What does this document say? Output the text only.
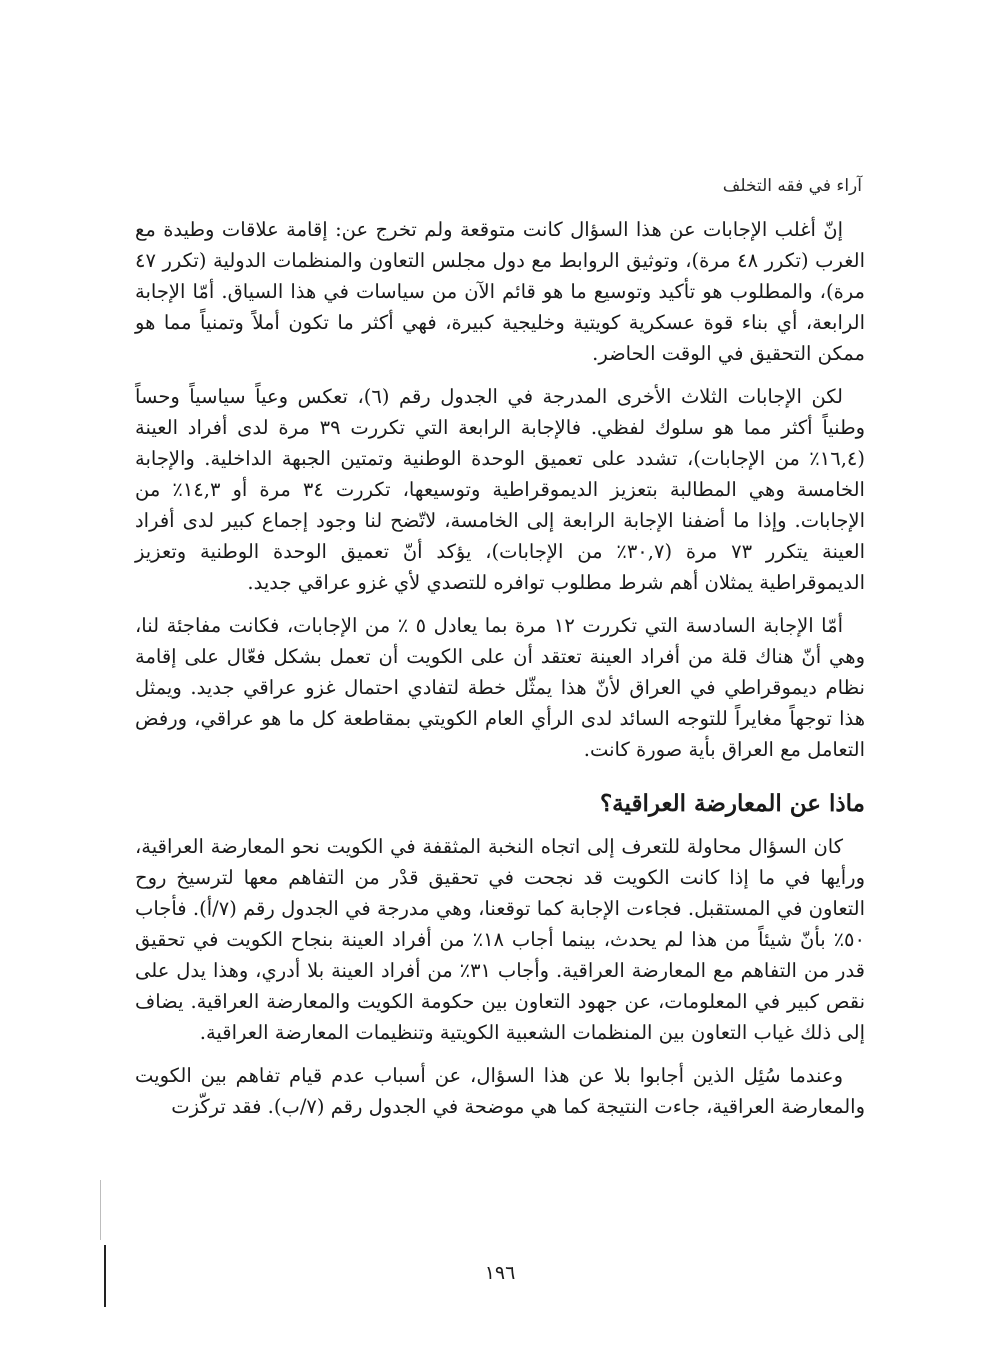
آراء في فقه التخلف

إنّ أغلب الإجابات عن هذا السؤال كانت متوقعة ولم تخرج عن: إقامة علاقات وطيدة مع الغرب (تكرر ٤٨ مرة)، وتوثيق الروابط مع دول مجلس التعاون والمنظمات الدولية (تكرر ٤٧ مرة)، والمطلوب هو تأكيد وتوسيع ما هو قائم الآن من سياسات في هذا السياق. أمّا الإجابة الرابعة، أي بناء قوة عسكرية كويتية وخليجية كبيرة، فهي أكثر ما تكون أملاً وتمنياً مما هو ممكن التحقيق في الوقت الحاضر.

لكن الإجابات الثلاث الأخرى المدرجة في الجدول رقم (٦)، تعكس وعياً سياسياً وحساً وطنياً أكثر مما هو سلوك لفظي. فالإجابة الرابعة التي تكررت ٣٩ مرة لدى أفراد العينة (١٦,٤٪ من الإجابات)، تشدد على تعميق الوحدة الوطنية وتمتين الجبهة الداخلية. والإجابة الخامسة وهي المطالبة بتعزيز الديموقراطية وتوسيعها، تكررت ٣٤ مرة أو ١٤,٣٪ من الإجابات. وإذا ما أضفنا الإجابة الرابعة إلى الخامسة، لاتّضح لنا وجود إجماع كبير لدى أفراد العينة يتكرر ٧٣ مرة (٣٠,٧٪ من الإجابات)، يؤكد أنّ تعميق الوحدة الوطنية وتعزيز الديموقراطية يمثلان أهم شرط مطلوب توافره للتصدي لأي غزو عراقي جديد.

أمّا الإجابة السادسة التي تكررت ١٢ مرة بما يعادل ٥ ٪ من الإجابات، فكانت مفاجئة لنا، وهي أنّ هناك قلة من أفراد العينة تعتقد أن على الكويت أن تعمل بشكل فعّال على إقامة نظام ديموقراطي في العراق لأنّ هذا يمثّل خطة لتفادي احتمال غزو عراقي جديد. ويمثل هذا توجهاً مغايراً للتوجه السائد لدى الرأي العام الكويتي بمقاطعة كل ما هو عراقي، ورفض التعامل مع العراق بأية صورة كانت.

ماذا عن المعارضة العراقية؟

كان السؤال محاولة للتعرف إلى اتجاه النخبة المثقفة في الكويت نحو المعارضة العراقية، ورأيها في ما إذا كانت الكويت قد نجحت في تحقيق قدْر من التفاهم معها لترسيخ روح التعاون في المستقبل. فجاءت الإجابة كما توقعنا، وهي مدرجة في الجدول رقم (٧/أ). فأجاب ٥٠٪ بأنّ شيئاً من هذا لم يحدث، بينما أجاب ١٨٪ من أفراد العينة بنجاح الكويت في تحقيق قدر من التفاهم مع المعارضة العراقية. وأجاب ٣١٪ من أفراد العينة بلا أدري، وهذا يدل على نقص كبير في المعلومات، عن جهود التعاون بين حكومة الكويت والمعارضة العراقية. يضاف إلى ذلك غياب التعاون بين المنظمات الشعبية الكويتية وتنظيمات المعارضة العراقية.

وعندما سُئِل الذين أجابوا بلا عن هذا السؤال، عن أسباب عدم قيام تفاهم بين الكويت والمعارضة العراقية، جاءت النتيجة كما هي موضحة في الجدول رقم (٧/ب). فقد تركّزت

١٩٦
